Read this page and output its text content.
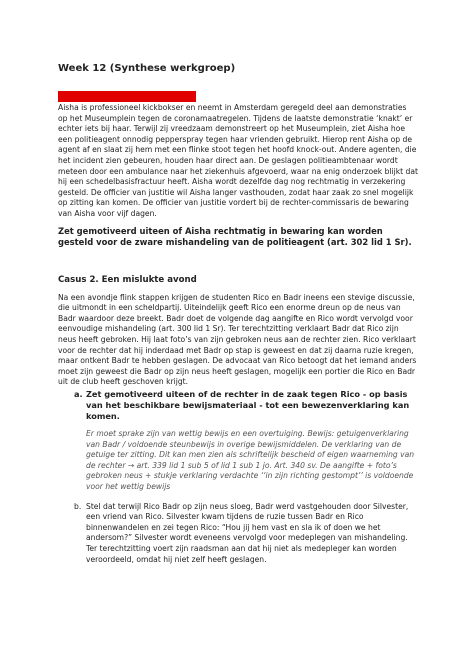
Week 12 (Synthese werkgroep)
Casus 1. Vastgehouden Aisha

Aisha is professioneel kickbokser en neemt in Amsterdam geregeld deel aan demonstraties op het Museumplein tegen de coronamaatregelen. Tijdens de laatste demonstratie ‘knakt’ er echter iets bij haar. Terwijl zij vreedzaam demonstreert op het Museumplein, ziet Aisha hoe een politieagent onnodig pepperspray tegen haar vrienden gebruikt. Hierop rent Aisha op de agent af en slaat zij hem met een flinke stoot tegen het hoofd knock-out. Andere agenten, die het incident zien gebeuren, houden haar direct aan. De geslagen politieambtenaar wordt meteen door een ambulance naar het ziekenhuis afgevoerd, waar na enig onderzoek blijkt dat hij een schedelbasisfractuur heeft. Aisha wordt dezelfde dag nog rechtmatig in verzekering gesteld. De officier van justitie wil Aisha langer vasthouden, zodat haar zaak zo snel mogelijk op zitting kan komen. De officier van justitie vordert bij de rechter-commissaris de bewaring van Aisha voor vijf dagen.

Zet gemotiveerd uiteen of Aisha rechtmatig in bewaring kan worden gesteld voor de zware mishandeling van de politieagent (art. 302 lid 1 Sr).

Casus 2. Een mislukte avond

Na een avondje flink stappen krijgen de studenten Rico en Badr ineens een stevige discussie, die uitmondt in een scheldpartij. Uiteindelijk geeft Rico een enorme dreun op de neus van Badr waardoor deze breekt. Badr doet de volgende dag aangifte en Rico wordt vervolgd voor eenvoudige mishandeling (art. 300 lid 1 Sr). Ter terechtzitting verklaart Badr dat Rico zijn neus heeft gebroken. Hij laat foto’s van zijn gebroken neus aan de rechter zien. Rico verklaart voor de rechter dat hij inderdaad met Badr op stap is geweest en dat zij daarna ruzie kregen, maar ontkent Badr te hebben geslagen. De advocaat van Rico betoogt dat het iemand anders moet zijn geweest die Badr op zijn neus heeft geslagen, mogelijk een portier die Rico en Badr uit de club heeft geschoven krijgt.

a. Zet gemotiveerd uiteen of de rechter in de zaak tegen Rico - op basis van het beschikbare bewijsmateriaal - tot een bewezenverklaring kan komen.

Er moet sprake zijn van wettig bewijs en een overtuiging. Bewijs: getuigenverklaring van Badr / voldoende steunbewijs in overige bewijsmiddelen. De verklaring van de getuige ter zitting. Dit kan men zien als schriftelijk bescheid of eigen waarneming van de rechter → art. 339 lid 1 sub 5 of lid 1 sub 1 jo. Art. 340 sv. De aangifte + foto’s gebroken neus + stukje verklaring verdachte ‘‘in zijn richting gestompt’’ is voldoende voor het wettig bewijs

b. Stel dat terwijl Rico Badr op zijn neus sloeg, Badr werd vastgehouden door Silvester, een vriend van Rico. Silvester kwam tijdens de ruzie tussen Badr en Rico binnenwandelen en zei tegen Rico: “Hou jij hem vast en sla ik of doen we het andersom?” Silvester wordt eveneens vervolgd voor medeplegen van mishandeling. Ter terechtzitting voert zijn raadsman aan dat hij niet als medepleger kan worden veroordeeld, omdat hij niet zelf heeft geslagen.
